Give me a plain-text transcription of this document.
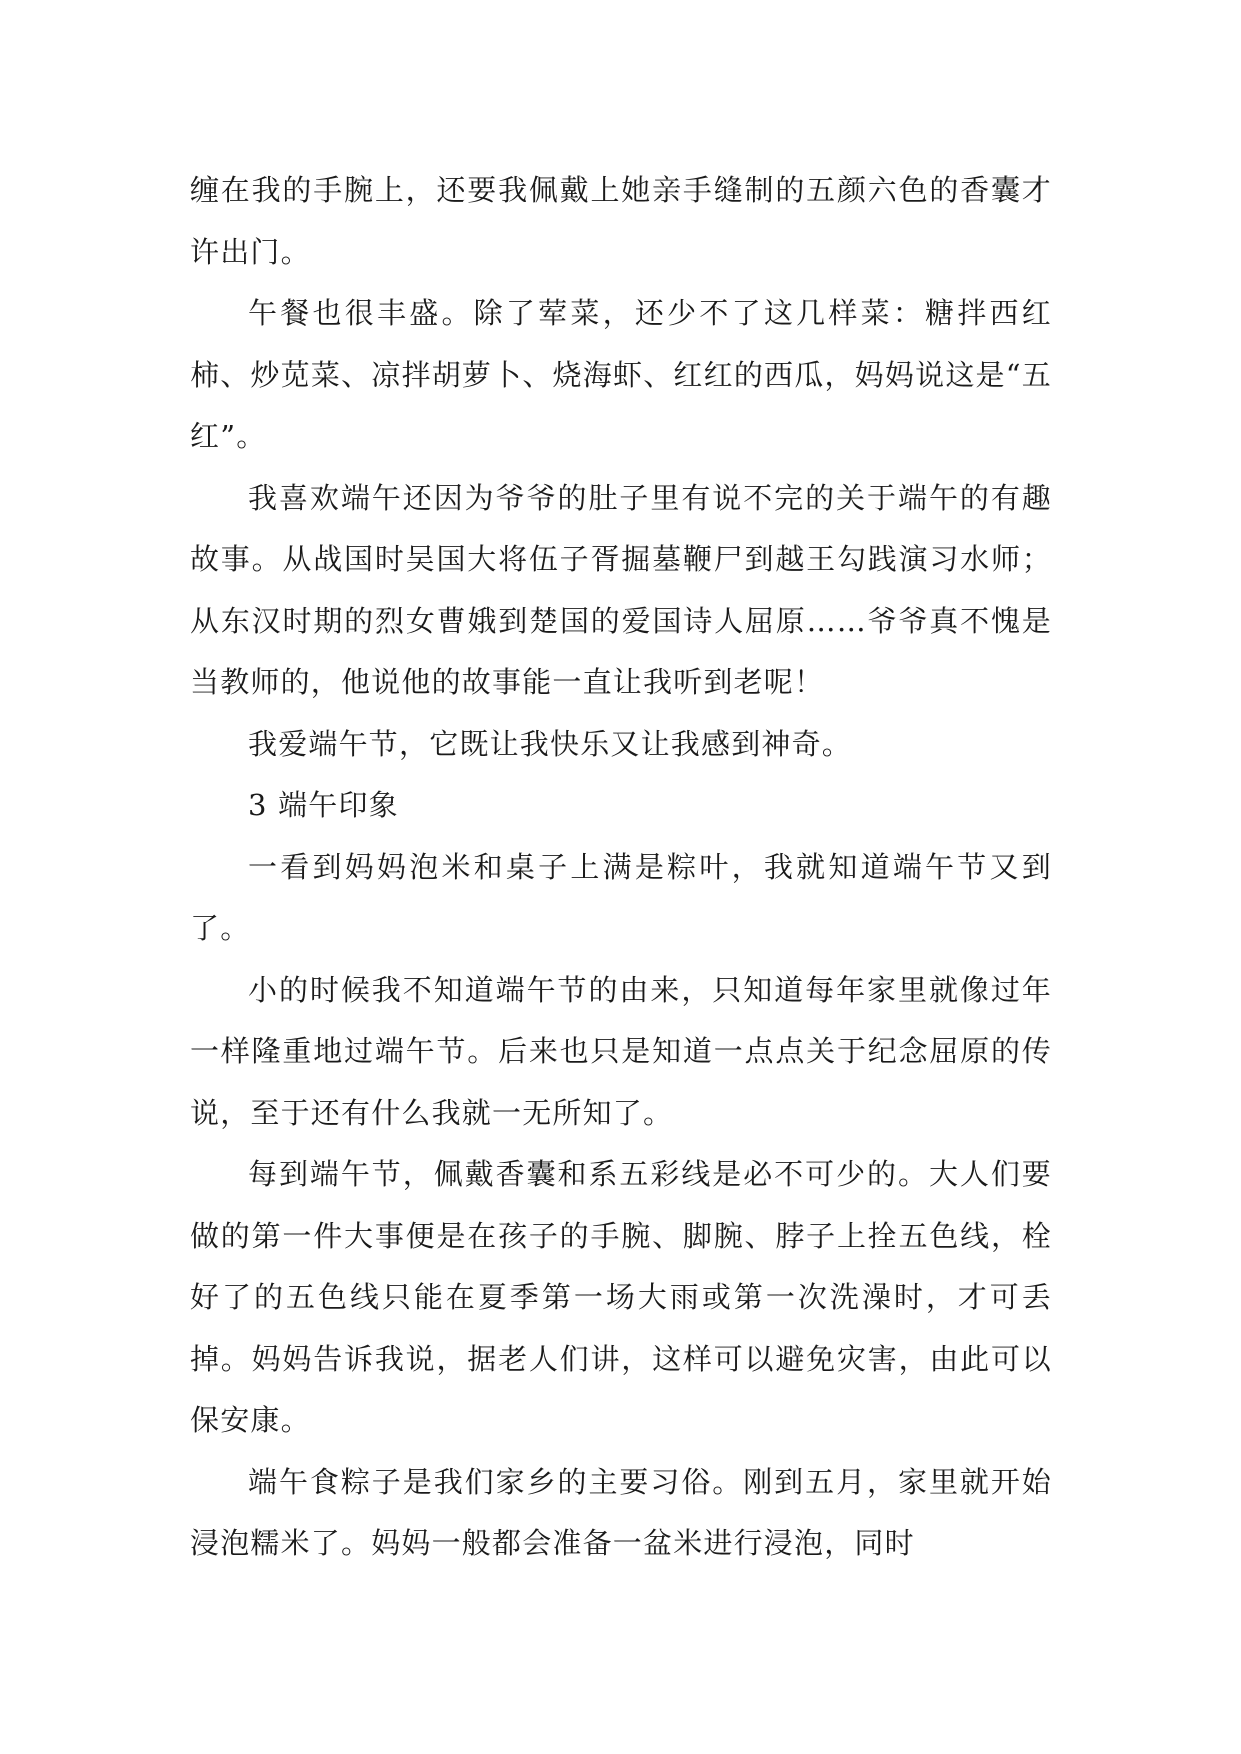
缠在我的手腕上，还要我佩戴上她亲手缝制的五颜六色的香囊才许出门。

午餐也很丰盛。除了荤菜，还少不了这几样菜：糖拌西红柿、炒苋菜、凉拌胡萝卜、烧海虾、红红的西瓜，妈妈说这是“五红”。

我喜欢端午还因为爷爷的肚子里有说不完的关于端午的有趣故事。从战国时吴国大将伍子胥掘墓鞭尸到越王勾践演习水师；从东汉时期的烈女曹娥到楚国的爱国诗人屈原……爷爷真不愧是当教师的，他说他的故事能一直让我听到老呢！

我爱端午节，它既让我快乐又让我感到神奇。

3 端午印象

一看到妈妈泡米和桌子上满是粽叶，我就知道端午节又到了。

小的时候我不知道端午节的由来，只知道每年家里就像过年一样隆重地过端午节。后来也只是知道一点点关于纪念屈原的传说，至于还有什么我就一无所知了。

每到端午节，佩戴香囊和系五彩线是必不可少的。大人们要做的第一件大事便是在孩子的手腕、脚腕、脖子上拴五色线，栓好了的五色线只能在夏季第一场大雨或第一次洗澡时，才可丢掉。妈妈告诉我说，据老人们讲，这样可以避免灾害，由此可以保安康。

端午食粽子是我们家乡的主要习俗。刚到五月，家里就开始浸泡糯米了。妈妈一般都会准备一盆米进行浸泡，同时
